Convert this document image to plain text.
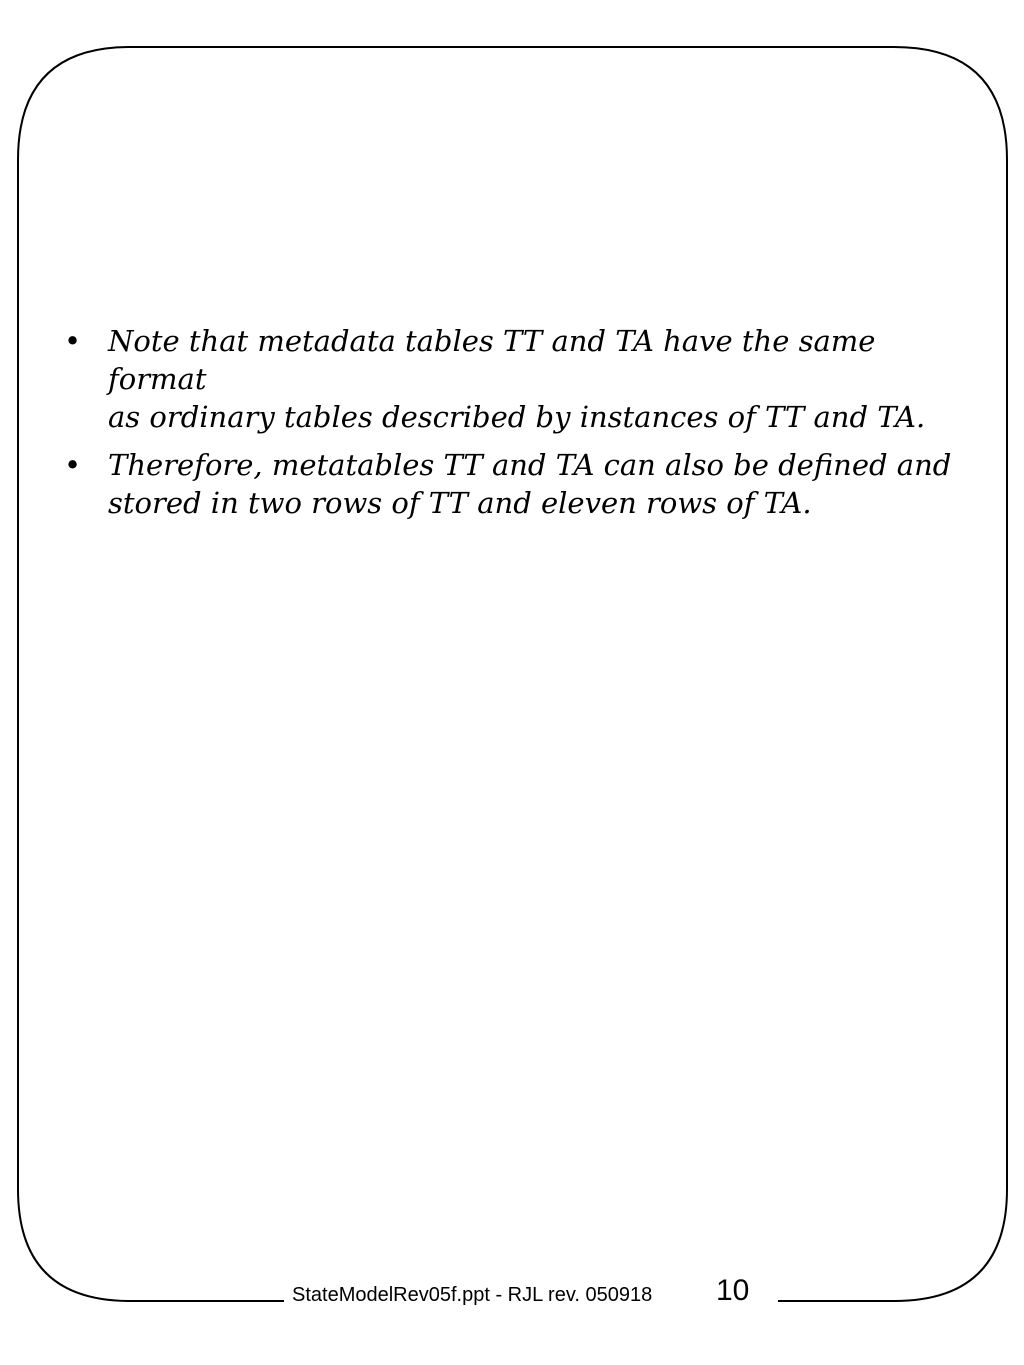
• Note that metadata tables TT and TA have the same format
as ordinary tables described by instances of TT and TA.
• Therefore, metatables TT and TA can also be defined and
stored in two rows of TT and eleven rows of TA.
StateModelRev05f.ppt - RJL rev. 050918 10
